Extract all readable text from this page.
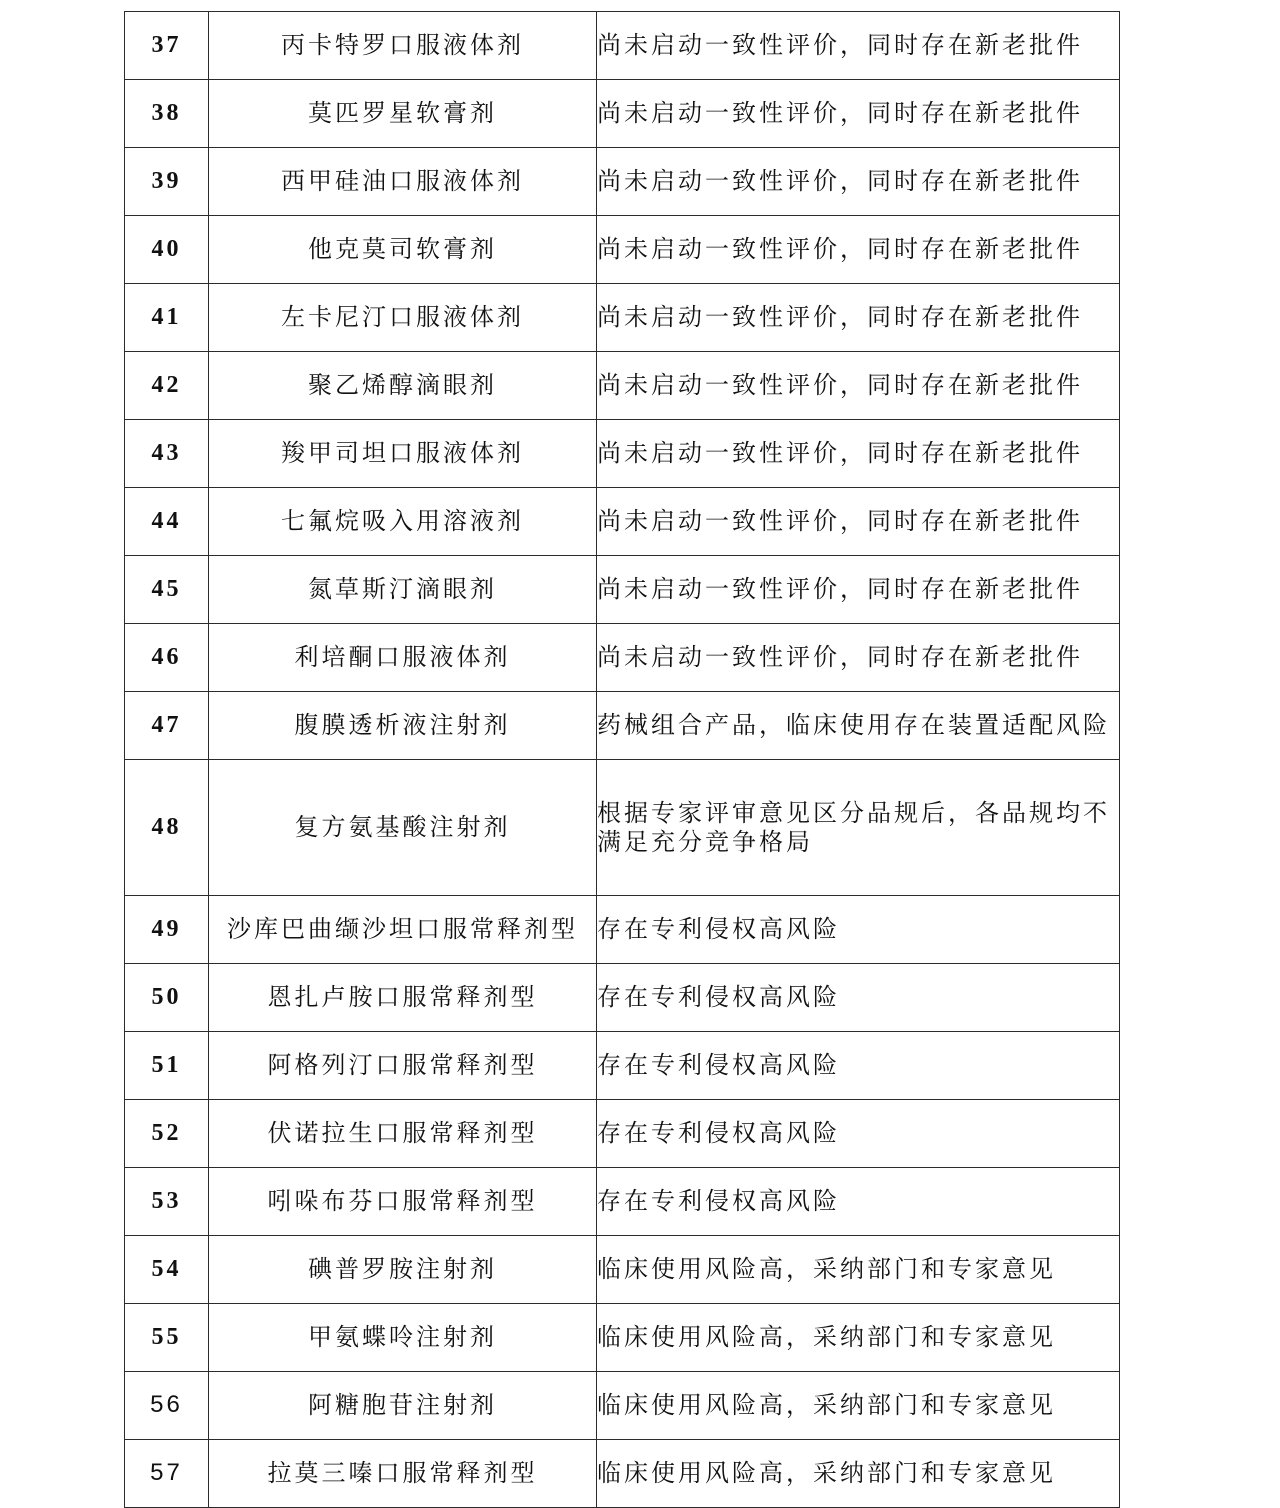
37	丙卡特罗口服液体剂	尚未启动一致性评价，同时存在新老批件
38	莫匹罗星软膏剂	尚未启动一致性评价，同时存在新老批件
39	西甲硅油口服液体剂	尚未启动一致性评价，同时存在新老批件
40	他克莫司软膏剂	尚未启动一致性评价，同时存在新老批件
41	左卡尼汀口服液体剂	尚未启动一致性评价，同时存在新老批件
42	聚乙烯醇滴眼剂	尚未启动一致性评价，同时存在新老批件
43	羧甲司坦口服液体剂	尚未启动一致性评价，同时存在新老批件
44	七氟烷吸入用溶液剂	尚未启动一致性评价，同时存在新老批件
45	氮草斯汀滴眼剂	尚未启动一致性评价，同时存在新老批件
46	利培酮口服液体剂	尚未启动一致性评价，同时存在新老批件
47	腹膜透析液注射剂	药械组合产品，临床使用存在装置适配风险
48	复方氨基酸注射剂	根据专家评审意见区分品规后，各品规均不满足充分竞争格局
49	沙库巴曲缬沙坦口服常释剂型	存在专利侵权高风险
50	恩扎卢胺口服常释剂型	存在专利侵权高风险
51	阿格列汀口服常释剂型	存在专利侵权高风险
52	伏诺拉生口服常释剂型	存在专利侵权高风险
53	吲哚布芬口服常释剂型	存在专利侵权高风险
54	碘普罗胺注射剂	临床使用风险高，采纳部门和专家意见
55	甲氨蝶呤注射剂	临床使用风险高，采纳部门和专家意见
56	阿糖胞苷注射剂	临床使用风险高，采纳部门和专家意见
57	拉莫三嗪口服常释剂型	临床使用风险高，采纳部门和专家意见
